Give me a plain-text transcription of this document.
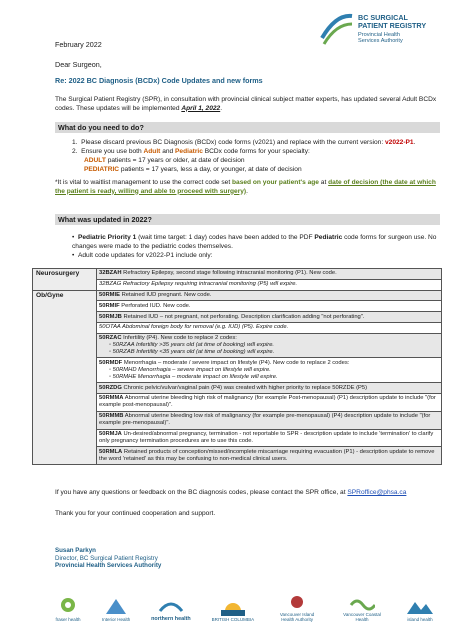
BC SURGICAL
PATIENT REGISTRY
Provincial Health
Services Authority
February 2022
Dear Surgeon,
Re: 2022 BC Diagnosis (BCDx) Code Updates and new forms
The Surgical Patient Registry (SPR), in consultation with provincial clinical subject matter experts, has updated several Adult BCDx codes. These updates will be implemented April 1, 2022.
What do you need to do?
1.  Please discard previous BC Diagnosis (BCDx) code forms (v2021) and replace with the current version: v2022-P1.
2.  Ensure you use both Adult and Pediatric BCDx code forms for your specialty:
ADULT patients = 17 years or older, at date of decision
PEDIATRIC patients = 17 years, less a day, or younger, at date of decision
*It is vital to waitlist management to use the correct code set based on your patient's age at date of decision (the date at which the patient is ready, willing and able to proceed with surgery).
What was updated in 2022?
•  Pediatric Priority 1 (wait time target: 1 day) codes have been added to the PDF Pediatric code forms for surgeon use. No changes were made to the pediatric codes themselves.
•  Adult code updates for v2022-P1 include only:
Neurosurgery	32BZAH Refractory Epilepsy, second stage following intracranial monitoring (P1). New code.
	32BZAG Refractory Epilepsy requiring intracranial monitoring (P5) will expire.
Ob/Gyne	50RMIE Retained IUD pregnant. New code.
	50RMIF Perforated IUD. New code.
	50RMJB Retained IUD – not pregnant, not perforating. Description clarification adding "not perforating".
	50OTAA Abdominal foreign body for removal (e.g. IUD) (P5). Expire code.
	50RZAC Infertility (P4). New code to replace 2 codes:
◦ 50RZAA Infertility >35 years old (at time of booking) will expire.
◦ 50RZAB Infertility <35 years old (at time of booking) will expire.

	50RMDF Menorrhagia – moderate / severe impact on lifestyle (P4). New code to replace 2 codes:
◦ 50RMHD Menorrhagia – severe impact on lifestyle will expire.
◦ 50RMHE Menorrhagia – moderate impact on lifestyle will expire.

	50RZDG Chronic pelvic/vulvar/vaginal pain (P4) was created with higher priority to replace 50RZDE (P5)
	50RMMA Abnormal uterine bleeding high risk of malignancy (for example Post-menopausal) (P1) description update to include "(for example post-menopausal)".
	50RMMB Abnormal uterine bleeding low risk of malignancy (for example pre-menopausal) (P4) description update to include "(for example pre-menopausal)".
	50RMJA Un-desired/abnormal pregnancy, termination - not reportable to SPR - description update to include 'termination' to clarify only pregnancy termination procedures are to use this code.
	50RMLA Retained products of conception/missed/incomplete miscarriage requiring evacuation (P1) - description update to remove the word 'retained' as this may be confusing to non-medical clinical users.
If you have any questions or feedback on the BC diagnosis codes, please contact the SPR office, at SPRoffice@phsa.ca
Thank you for your continued cooperation and support.
Susan Parkyn
Director, BC Surgical Patient Registry
Provincial Health Services Authority
fraser health	Interior Health	northern health	BRITISH COLUMBIA
Vancouver Island Health Authority
Vancouver Coastal Health	island health
